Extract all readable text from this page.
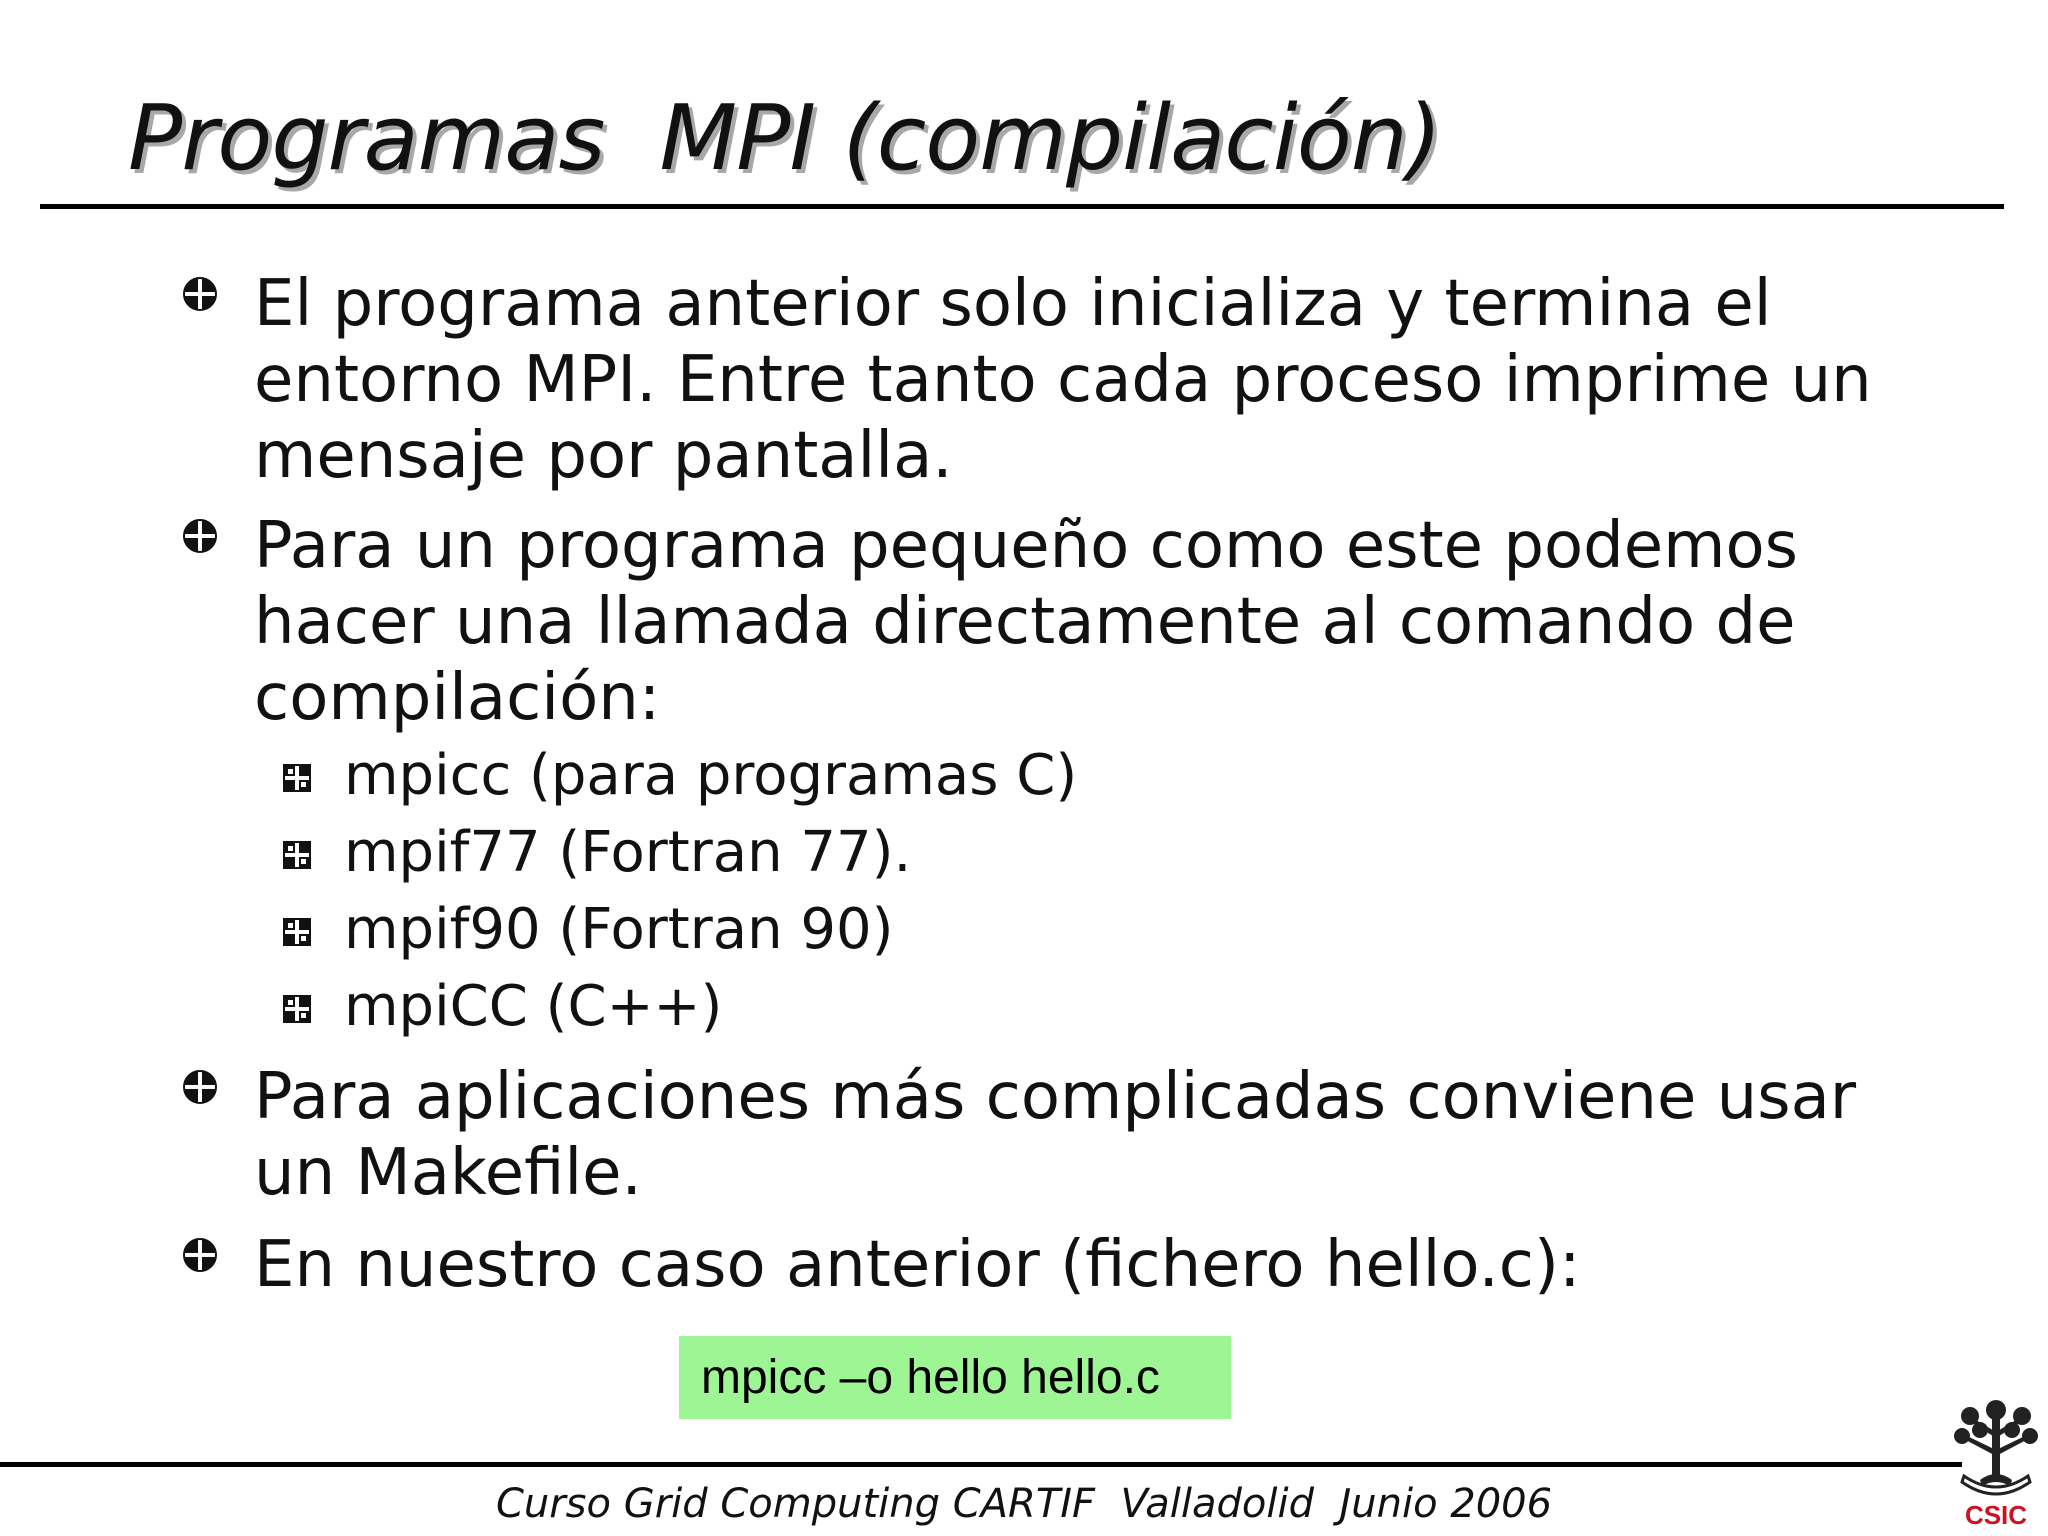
Programas  MPI (compilación)
El programa anterior solo inicializa y termina el entorno MPI. Entre tanto cada proceso imprime un mensaje por pantalla.
Para un programa pequeño como este podemos hacer una llamada directamente al comando de compilación:
mpicc (para programas C)
mpif77 (Fortran 77).
mpif90 (Fortran 90)
mpiCC (C++)
Para aplicaciones más complicadas conviene usar un Makefile.
En nuestro caso anterior (fichero hello.c):
mpicc –o hello hello.c
Curso Grid Computing CARTIF  Valladolid  Junio 2006	CSIC
